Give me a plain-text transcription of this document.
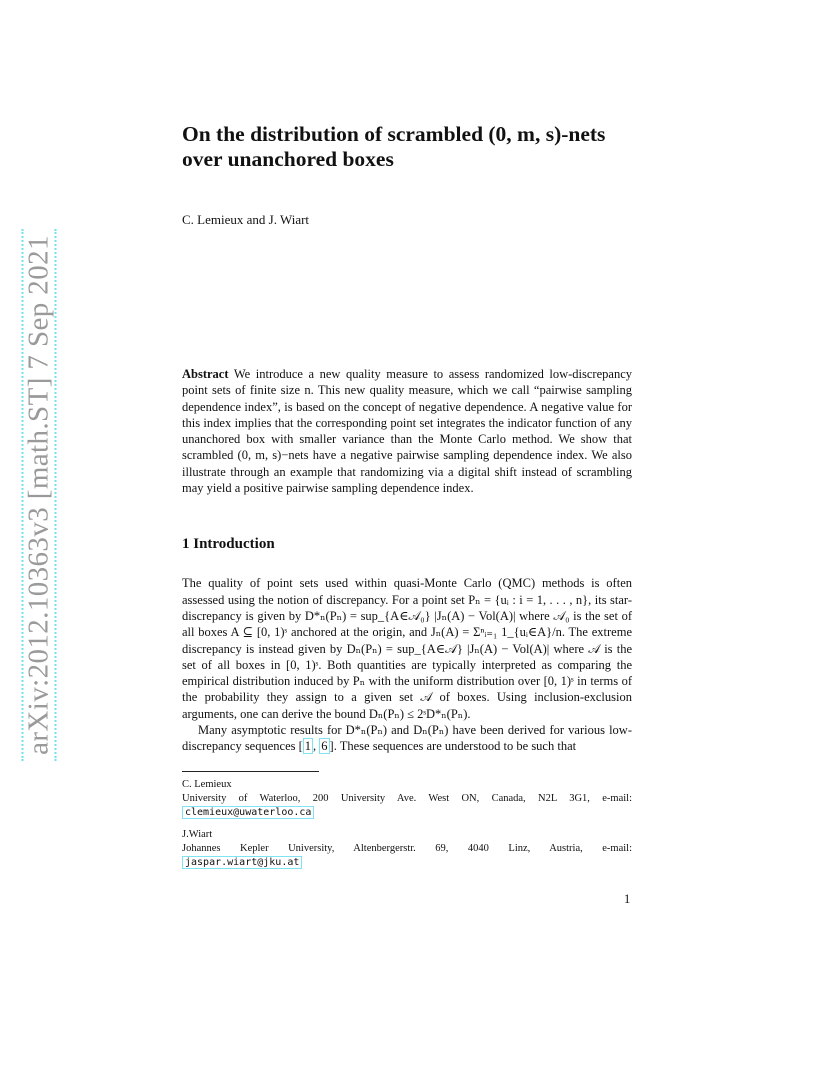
arXiv:2012.10363v3 [math.ST] 7 Sep 2021
On the distribution of scrambled (0, m, s)-nets
over unanchored boxes
C. Lemieux and J. Wiart
Abstract We introduce a new quality measure to assess randomized low-discrepancy point sets of finite size n. This new quality measure, which we call “pairwise sampling dependence index”, is based on the concept of negative dependence. A negative value for this index implies that the corresponding point set integrates the indicator function of any unanchored box with smaller variance than the Monte Carlo method. We show that scrambled (0, m, s)−nets have a negative pairwise sampling dependence index. We also illustrate through an example that randomizing via a digital shift instead of scrambling may yield a positive pairwise sampling dependence index.
1 Introduction

The quality of point sets used within quasi-Monte Carlo (QMC) methods is often assessed using the notion of discrepancy. For a point set Pₙ = {uᵢ : i = 1, . . . , n}, its star-discrepancy is given by D*ₙ(Pₙ) = sup_{A∈𝒜₀} |Jₙ(A) − Vol(A)| where 𝒜₀ is the set of all boxes A ⊆ [0, 1)ˢ anchored at the origin, and Jₙ(A) = Σⁿᵢ₌₁ 1_{uᵢ∈A}/n. The extreme discrepancy is instead given by Dₙ(Pₙ) = sup_{A∈𝒜} |Jₙ(A) − Vol(A)| where 𝒜 is the set of all boxes in [0, 1)ˢ. Both quantities are typically interpreted as comparing the empirical distribution induced by Pₙ with the uniform distribution over [0, 1)ˢ in terms of the probability they assign to a given set 𝒜 of boxes. Using inclusion-exclusion arguments, one can derive the bound Dₙ(Pₙ) ≤ 2ˢD*ₙ(Pₙ).

Many asymptotic results for D*ₙ(Pₙ) and Dₙ(Pₙ) have been derived for various low-discrepancy sequences [ 1 , 6 ]. These sequences are understood to be such that

C. Lemieux
University of Waterloo, 200 University Ave. West ON, Canada, N2L 3G1, e-mail:
clemieux@uwaterloo.ca
J.Wiart
Johannes Kepler University, Altenbergerstr. 69, 4040 Linz, Austria, e-mail:
jaspar.wiart@jku.at
1
